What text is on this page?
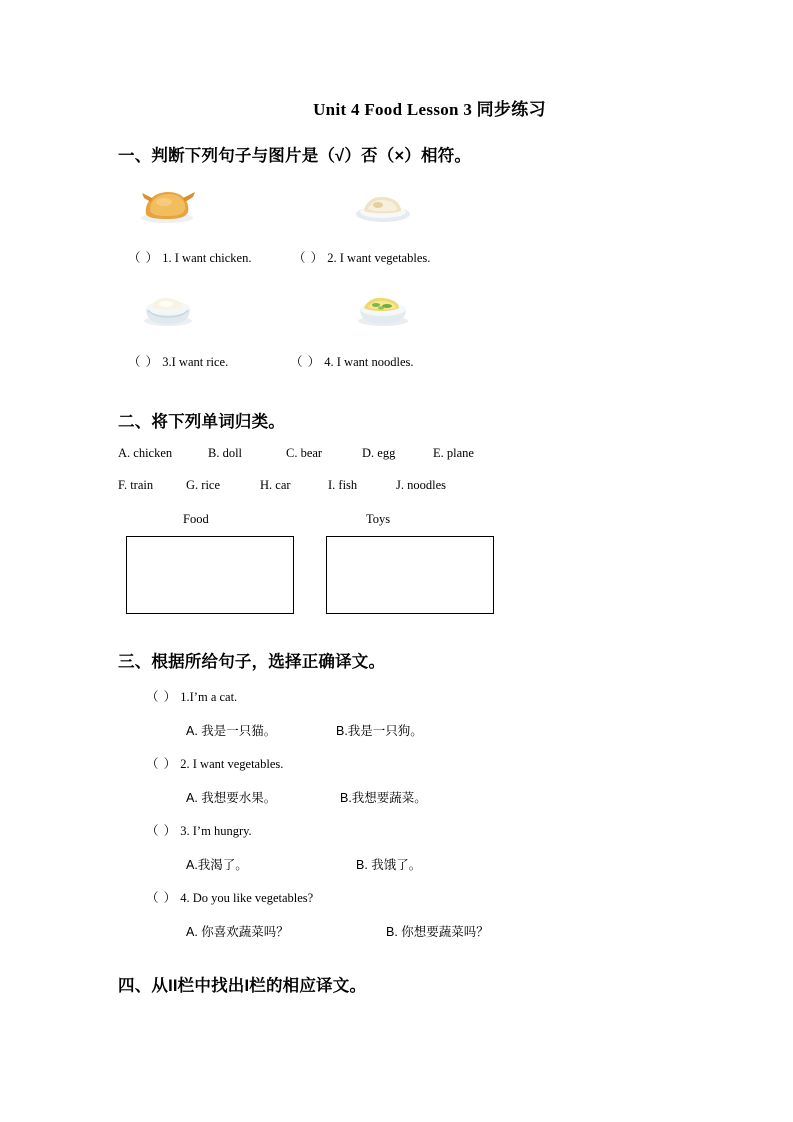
Unit 4 Food Lesson 3 同步练习
一、判断下列句子与图片是（√）否（×）相符。
（ ） 1. I want chicken.	（ ） 2. I want vegetables.
（ ） 3.I want rice.	（ ） 4. I want noodles.
二、将下列单词归类。
A. chicken	B. doll	C. bear	D. egg	E. plane
F. train	G. rice	H. car	I. fish	J. noodles
Food	Toys
三、根据所给句子，选择正确译文。
（ ） 1.I’m a cat.
A. 我是一只猫。	B.我是一只狗。
（ ） 2. I want vegetables.
A. 我想要水果。	B.我想要蔬菜。
（ ） 3. I’m hungry.
A.我渴了。	B. 我饿了。
（ ） 4. Do you like vegetables?
A. 你喜欢蔬菜吗？	B. 你想要蔬菜吗？
四、从II栏中找出I栏的相应译文。
